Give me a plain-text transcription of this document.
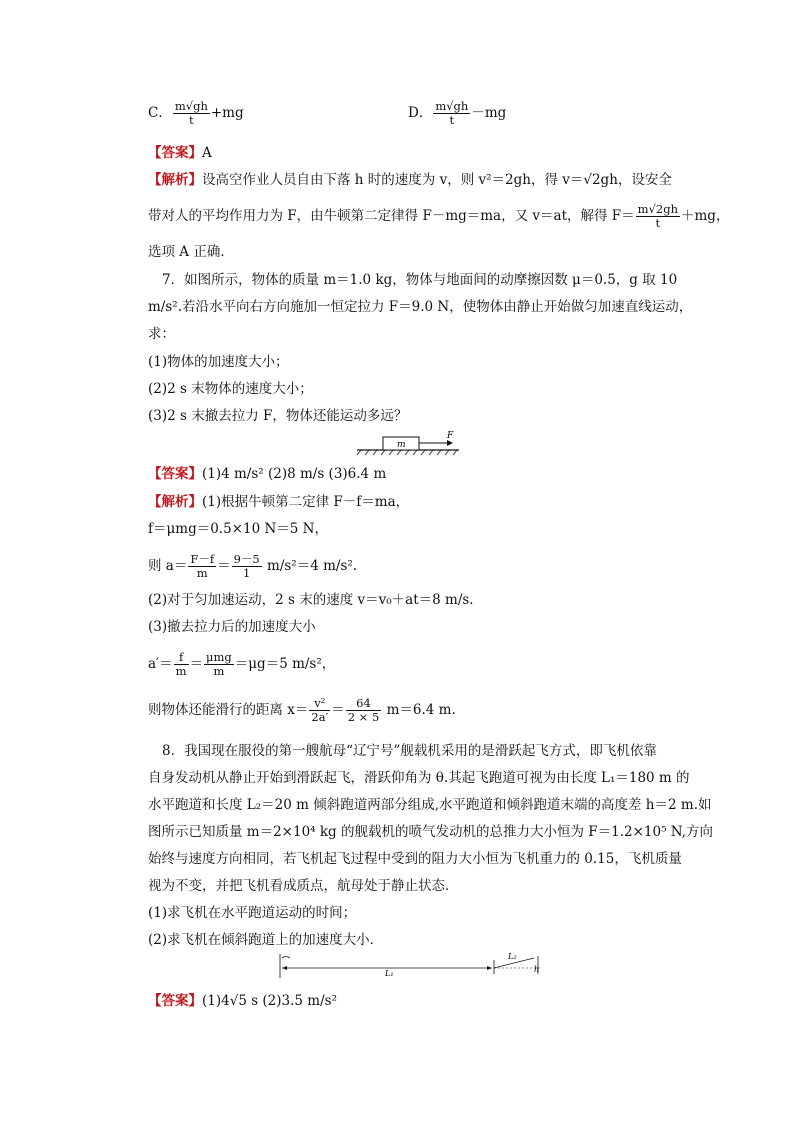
C． $\frac{m√gh}{t} +mg$	D． $\frac{m√gh}{t} -mg$
【答案】A
【解析】设高空作业人员自由下落 h 时的速度为 v，则 v²＝2gh，得 v＝√2gh，设安全
带对人的平均作用力为 F，由牛顿第二定律得 F－mg＝ma，又 v＝at，解得 $F= \frac{m√2gh}{t} +mg$，
选项 A 正确．
7．如图所示，物体的质量 m＝1.0 kg，物体与地面间的动摩擦因数 μ＝0.5，g 取 10
m/s².若沿水平向右方向施加一恒定拉力 F＝9.0 N，使物体由静止开始做匀加速直线运动，
求：
(1)物体的加速度大小；
(2)2 s 末物体的速度大小；
(3)2 s 末撤去拉力 F，物体还能运动多远？
m
F
【答案】(1)4 m/s² (2)8 m/s (3)6.4 m
【解析】(1)根据牛顿第二定律 F－f＝ma，
f＝μmg＝0.5×10 N＝5 N，
则 $a= \frac{F-f}{m} = \frac{9-5}{1} m/s^2=4$ m/s².
(2)对于匀加速运动，2 s 末的速度 v＝v₀＋at＝8 m/s.
(3)撤去拉力后的加速度大小
$a'= \frac{f}{m} = \frac{\text{μmg}}{m} =\mu g=5$ m/s²，
则物体还能滑行的距离 $x= \frac{\text{v²}}{2a'} = \frac{64}{2 \times 5} m=6.4$ m.
8．我国现在服役的第一艘航母“辽宁号”舰载机采用的是滑跃起飞方式，即飞机依靠
自身发动机从静止开始到滑跃起飞，滑跃仰角为 θ.其起飞跑道可视为由长度 L₁＝180 m 的
水平跑道和长度 L₂＝20 m 倾斜跑道两部分组成,水平跑道和倾斜跑道末端的高度差 h＝2 m.如
图所示已知质量 m＝2×10⁴ kg 的舰载机的喷气发动机的总推力大小恒为 F＝1.2×10⁵ N,方向
始终与速度方向相同，若飞机起飞过程中受到的阻力大小恒为飞机重力的 0.15，飞机质量
视为不变，并把飞机看成质点，航母处于静止状态．
(1)求飞机在水平跑道运动的时间；
(2)求飞机在倾斜跑道上的加速度大小．
L₁
L₂
h
【答案】(1)4√5 s (2)3.5 m/s²
